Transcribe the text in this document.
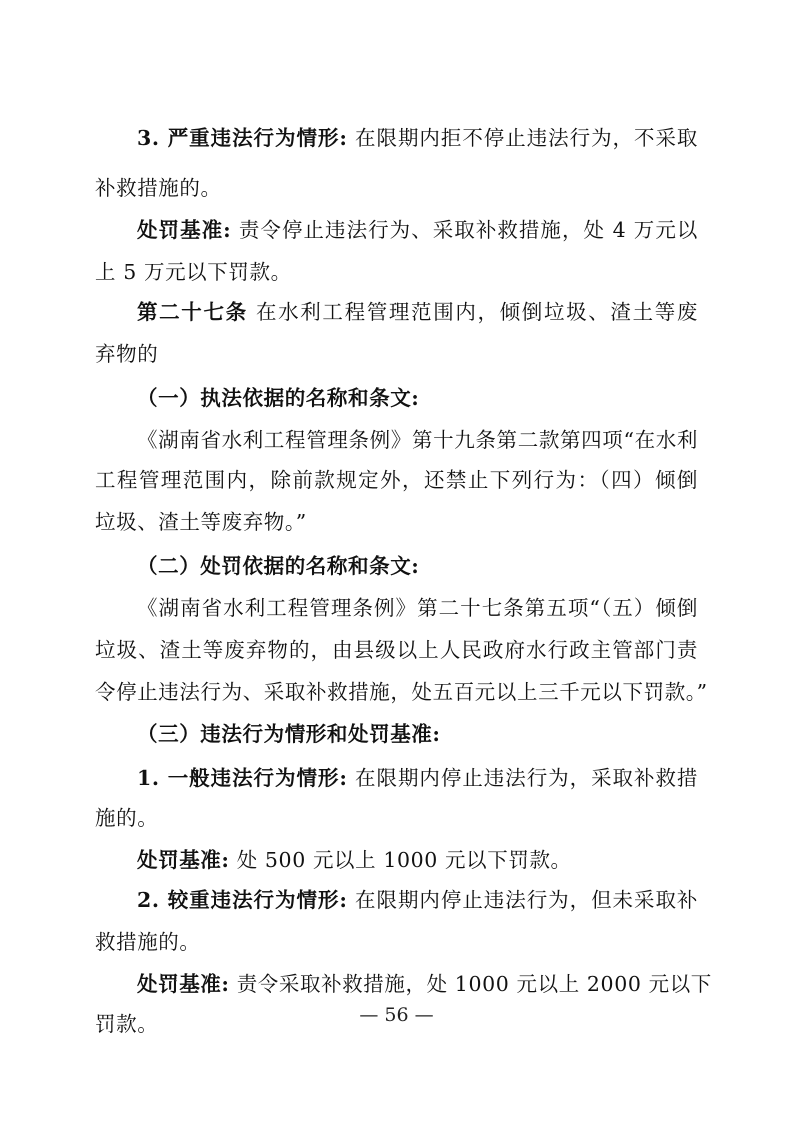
3. 严重违法行为情形: 在限期内拒不停止违法行为，不采取
补救措施的。
处罚基准: 责令停止违法行为、采取补救措施，处 4 万元以
上 5 万元以下罚款。
第二十七条 在水利工程管理范围内，倾倒垃圾、渣土等废
弃物的
（一）执法依据的名称和条文:
《湖南省水利工程管理条例》第十九条第二款第四项“在水利
工程管理范围内，除前款规定外，还禁止下列行为：（四）倾倒
垃圾、渣土等废弃物。”
（二）处罚依据的名称和条文:
《湖南省水利工程管理条例》第二十七条第五项“（五）倾倒
垃圾、渣土等废弃物的，由县级以上人民政府水行政主管部门责
令停止违法行为、采取补救措施，处五百元以上三千元以下罚款。”
（三）违法行为情形和处罚基准:
1. 一般违法行为情形: 在限期内停止违法行为，采取补救措
施的。
处罚基准: 处 500 元以上 1000 元以下罚款。
2. 较重违法行为情形: 在限期内停止违法行为，但未采取补
救措施的。
处罚基准: 责令采取补救措施，处 1000 元以上 2000 元以下
罚款。	— 56 —
